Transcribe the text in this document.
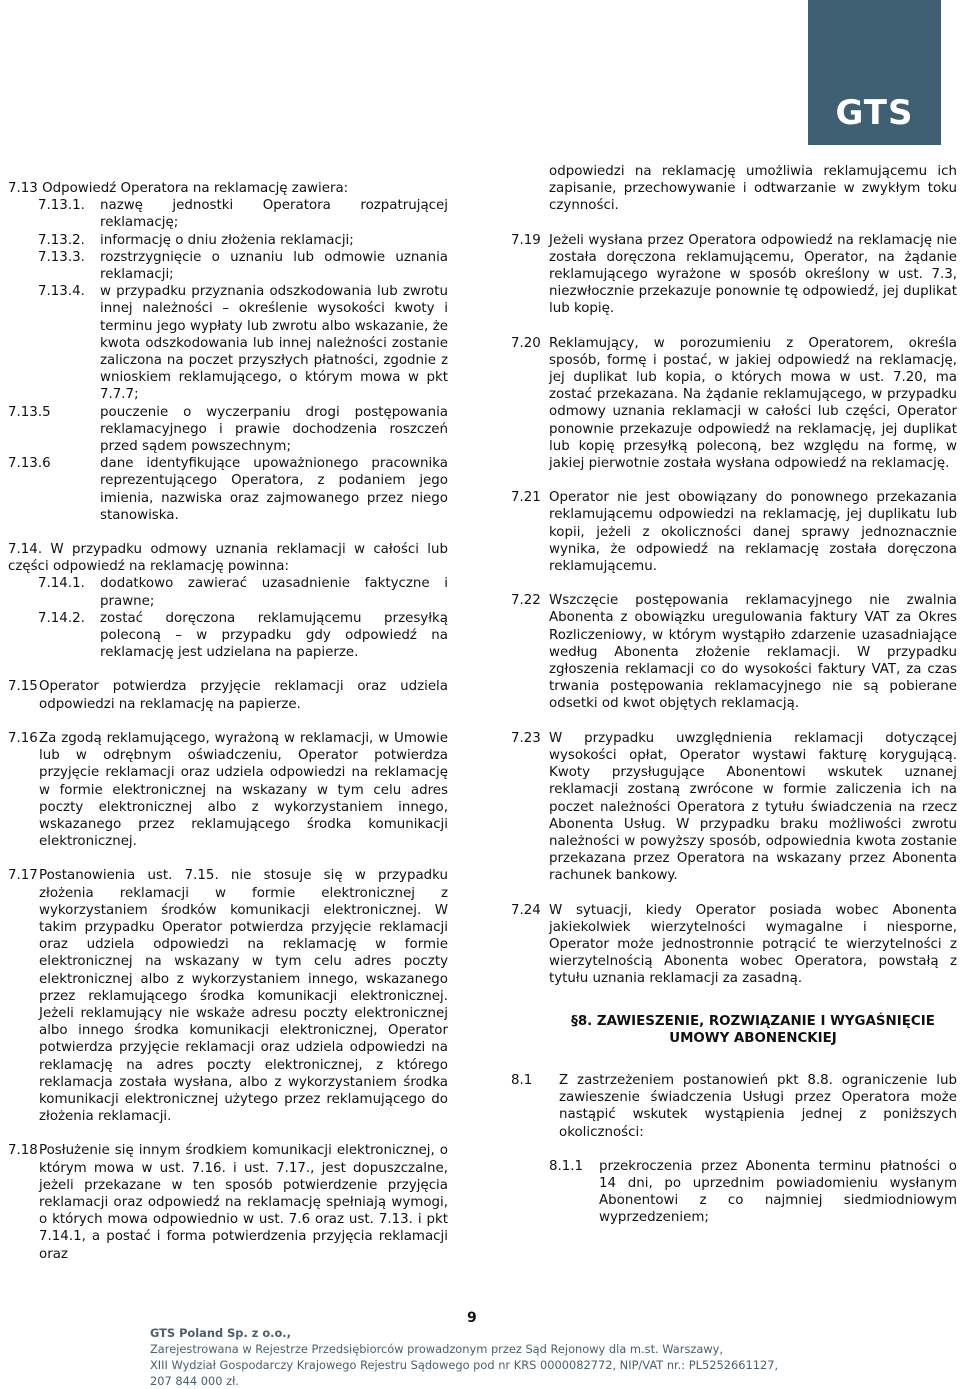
GTS

7.13 Odpowiedź Operatora na reklamację zawiera:

7.13.1.	nazwę jednostki Operatora rozpatrującej reklamację;
7.13.2.	informację o dniu złożenia reklamacji;
7.13.3.	rozstrzygnięcie o uznaniu lub odmowie uznania reklamacji;
7.13.4.	w przypadku przyznania odszkodowania lub zwrotu innej należności – określenie wysokości kwoty i terminu jego wypłaty lub zwrotu albo wskazanie, że kwota odszkodowania lub innej należności zostanie zaliczona na poczet przyszłych płatności, zgodnie z wnioskiem reklamującego, o którym mowa w pkt 7.7.7;
7.13.5	pouczenie o wyczerpaniu drogi postępowania reklamacyjnego i prawie dochodzenia roszczeń przed sądem powszechnym;
7.13.6	dane identyfikujące upoważnionego pracownika reprezentującego Operatora, z podaniem jego imienia, nazwiska oraz zajmowanego przez niego stanowiska.

7.14. W przypadku odmowy uznania reklamacji w całości lub części odpowiedź na reklamację powinna:

7.14.1.	dodatkowo zawierać uzasadnienie faktyczne i prawne;
7.14.2.	zostać doręczona reklamującemu przesyłką poleconą – w przypadku gdy odpowiedź na reklamację jest udzielana na papierze.
7.15 Operator potwierdza przyjęcie reklamacji oraz udziela odpowiedzi na reklamację na papierze.
7.16 Za zgodą reklamującego, wyrażoną w reklamacji, w Umowie lub w odrębnym oświadczeniu, Operator potwierdza przyjęcie reklamacji oraz udziela odpowiedzi na reklamację w formie elektronicznej na wskazany w tym celu adres poczty elektronicznej albo z wykorzystaniem innego, wskazanego przez reklamującego środka komunikacji elektronicznej.
7.17 Postanowienia ust. 7.15. nie stosuje się w przypadku złożenia reklamacji w formie elektronicznej z wykorzystaniem środków komunikacji elektronicznej. W takim przypadku Operator potwierdza przyjęcie reklamacji oraz udziela odpowiedzi na reklamację w formie elektronicznej na wskazany w tym celu adres poczty elektronicznej albo z wykorzystaniem innego, wskazanego przez reklamującego środka komunikacji elektronicznej. Jeżeli reklamujący nie wskaże adresu poczty elektronicznej albo innego środka komunikacji elektronicznej, Operator potwierdza przyjęcie reklamacji oraz udziela odpowiedzi na reklamację na adres poczty elektronicznej, z którego reklamacja została wysłana, albo z wykorzystaniem środka komunikacji elektronicznej użytego przez reklamującego do złożenia reklamacji.
7.18 Posłużenie się innym środkiem komunikacji elektronicznej, o którym mowa w ust. 7.16. i ust. 7.17., jest dopuszczalne, jeżeli przekazane w ten sposób potwierdzenie przyjęcia reklamacji oraz odpowiedź na reklamację spełniają wymogi, o których mowa odpowiednio w ust. 7.6 oraz ust. 7.13. i pkt 7.14.1, a postać i forma potwierdzenia przyjęcia reklamacji oraz
odpowiedzi na reklamację umożliwia reklamującemu ich zapisanie, przechowywanie i odtwarzanie w zwykłym toku czynności.
7.19 Jeżeli wysłana przez Operatora odpowiedź na reklamację nie została doręczona reklamującemu, Operator, na żądanie reklamującego wyrażone w sposób określony w ust. 7.3, niezwłocznie przekazuje ponownie tę odpowiedź, jej duplikat lub kopię.
7.20 Reklamujący, w porozumieniu z Operatorem, określa sposób, formę i postać, w jakiej odpowiedź na reklamację, jej duplikat lub kopia, o których mowa w ust. 7.20, ma zostać przekazana. Na żądanie reklamującego, w przypadku odmowy uznania reklamacji w całości lub części, Operator ponownie przekazuje odpowiedź na reklamację, jej duplikat lub kopię przesyłką poleconą, bez względu na formę, w jakiej pierwotnie została wysłana odpowiedź na reklamację.
7.21 Operator nie jest obowiązany do ponownego przekazania reklamującemu odpowiedzi na reklamację, jej duplikatu lub kopii, jeżeli z okoliczności danej sprawy jednoznacznie wynika, że odpowiedź na reklamację została doręczona reklamującemu.
7.22 Wszczęcie postępowania reklamacyjnego nie zwalnia Abonenta z obowiązku uregulowania faktury VAT za Okres Rozliczeniowy, w którym wystąpiło zdarzenie uzasadniające według Abonenta złożenie reklamacji. W przypadku zgłoszenia reklamacji co do wysokości faktury VAT, za czas trwania postępowania reklamacyjnego nie są pobierane odsetki od kwot objętych reklamacją.
7.23 W przypadku uwzględnienia reklamacji dotyczącej wysokości opłat, Operator wystawi fakturę korygującą. Kwoty przysługujące Abonentowi wskutek uznanej reklamacji zostaną zwrócone w formie zaliczenia ich na poczet należności Operatora z tytułu świadczenia na rzecz Abonenta Usług. W przypadku braku możliwości zwrotu należności w powyższy sposób, odpowiednia kwota zostanie przekazana przez Operatora na wskazany przez Abonenta rachunek bankowy.
7.24 W sytuacji, kiedy Operator posiada wobec Abonenta jakiekolwiek wierzytelności wymagalne i niesporne, Operator może jednostronnie potrącić te wierzytelności z wierzytelnością Abonenta wobec Operatora, powstałą z tytułu uznania reklamacji za zasadną.

§8. ZAWIESZENIE, ROZWIĄZANIE I WYGAŚNIĘCIE UMOWY ABONENCKIEJ

8.1	Z zastrzeżeniem postanowień pkt 8.8. ograniczenie lub zawieszenie świadczenia Usługi przez Operatora może nastąpić wskutek wystąpienia jednej z poniższych okoliczności:
8.1.1	przekroczenia przez Abonenta terminu płatności o 14 dni, po uprzednim powiadomieniu wysłanym Abonentowi z co najmniej siedmiodniowym wyprzedzeniem;
9
GTS Poland Sp. z o.o.,
Zarejestrowana w Rejestrze Przedsiębiorców prowadzonym przez Sąd Rejonowy dla m.st. Warszawy,
XIII Wydział Gospodarczy Krajowego Rejestru Sądowego pod nr KRS 0000082772, NIP/VAT nr.: PL5252661127,
207 844 000 zł.
